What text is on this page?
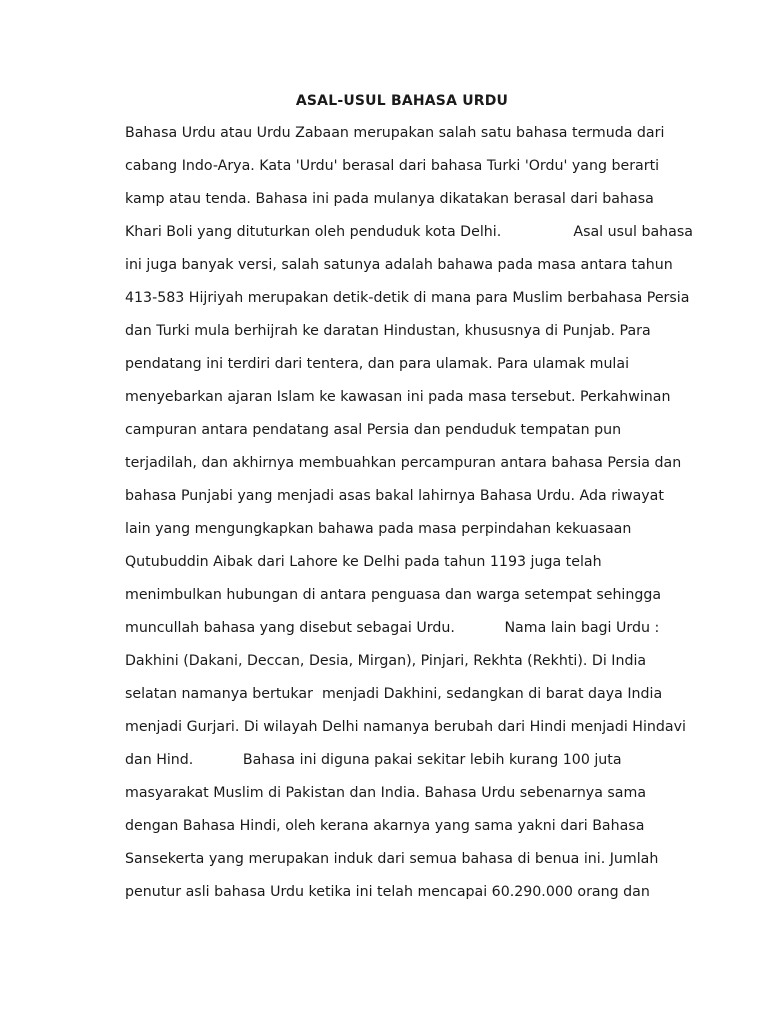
ASAL-USUL BAHASA URDU
Bahasa Urdu atau Urdu Zabaan merupakan salah satu bahasa termuda dari
cabang Indo-Arya. Kata 'Urdu' berasal dari bahasa Turki 'Ordu' yang berarti
kamp atau tenda. Bahasa ini pada mulanya dikatakan berasal dari bahasa
Khari Boli yang dituturkan oleh penduduk kota Delhi.                Asal usul bahasa
ini juga banyak versi, salah satunya adalah bahawa pada masa antara tahun
413-583 Hijriyah merupakan detik-detik di mana para Muslim berbahasa Persia
dan Turki mula berhijrah ke daratan Hindustan, khususnya di Punjab. Para
pendatang ini terdiri dari tentera, dan para ulamak. Para ulamak mulai
menyebarkan ajaran Islam ke kawasan ini pada masa tersebut. Perkahwinan
campuran antara pendatang asal Persia dan penduduk tempatan pun
terjadilah, dan akhirnya membuahkan percampuran antara bahasa Persia dan
bahasa Punjabi yang menjadi asas bakal lahirnya Bahasa Urdu. Ada riwayat
lain yang mengungkapkan bahawa pada masa perpindahan kekuasaan
Qutubuddin Aibak dari Lahore ke Delhi pada tahun 1193 juga telah
menimbulkan hubungan di antara penguasa dan warga setempat sehingga
muncullah bahasa yang disebut sebagai Urdu.           Nama lain bagi Urdu :
Dakhini (Dakani, Deccan, Desia, Mirgan), Pinjari, Rekhta (Rekhti). Di India
selatan namanya bertukar  menjadi Dakhini, sedangkan di barat daya India
menjadi Gurjari. Di wilayah Delhi namanya berubah dari Hindi menjadi Hindavi
dan Hind.           Bahasa ini diguna pakai sekitar lebih kurang 100 juta
masyarakat Muslim di Pakistan dan India. Bahasa Urdu sebenarnya sama
dengan Bahasa Hindi, oleh kerana akarnya yang sama yakni dari Bahasa
Sansekerta yang merupakan induk dari semua bahasa di benua ini. Jumlah
penutur asli bahasa Urdu ketika ini telah mencapai 60.290.000 orang dan
